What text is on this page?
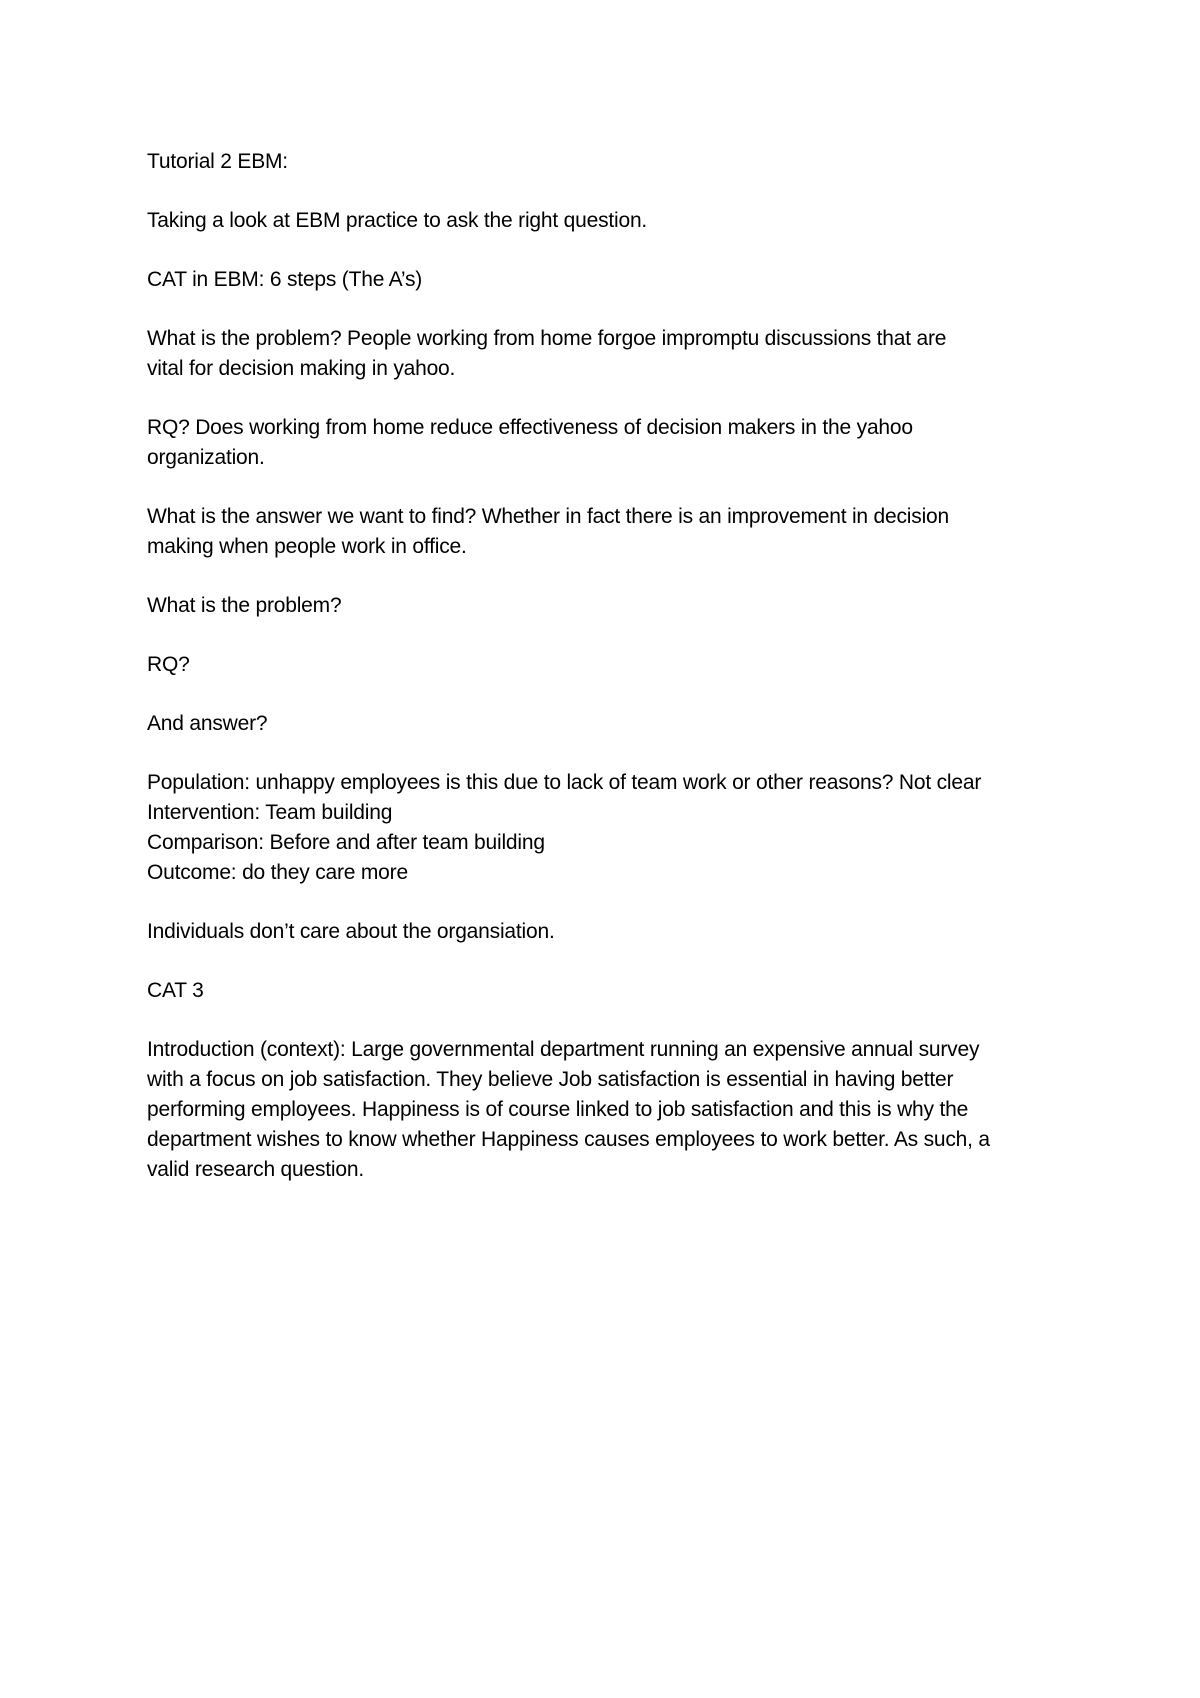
Tutorial 2 EBM:

Taking a look at EBM practice to ask the right question.

CAT in EBM: 6 steps (The A’s)

What is the problem? People working from home forgoe impromptu discussions that are
vital for decision making in yahoo.

RQ? Does working from home reduce effectiveness of decision makers in the yahoo
organization.

What is the answer we want to find? Whether in fact there is an improvement in decision
making when people work in office.

What is the problem?

RQ?

And answer?

Population: unhappy employees is this due to lack of team work or other reasons? Not clear
Intervention: Team building
Comparison: Before and after team building
Outcome: do they care more

Individuals don’t care about the organsiation.

CAT 3

Introduction (context): Large governmental department running an expensive annual survey
with a focus on job satisfaction. They believe Job satisfaction is essential in having better
performing employees. Happiness is of course linked to job satisfaction and this is why the
department wishes to know whether Happiness causes employees to work better. As such, a
valid research question.
